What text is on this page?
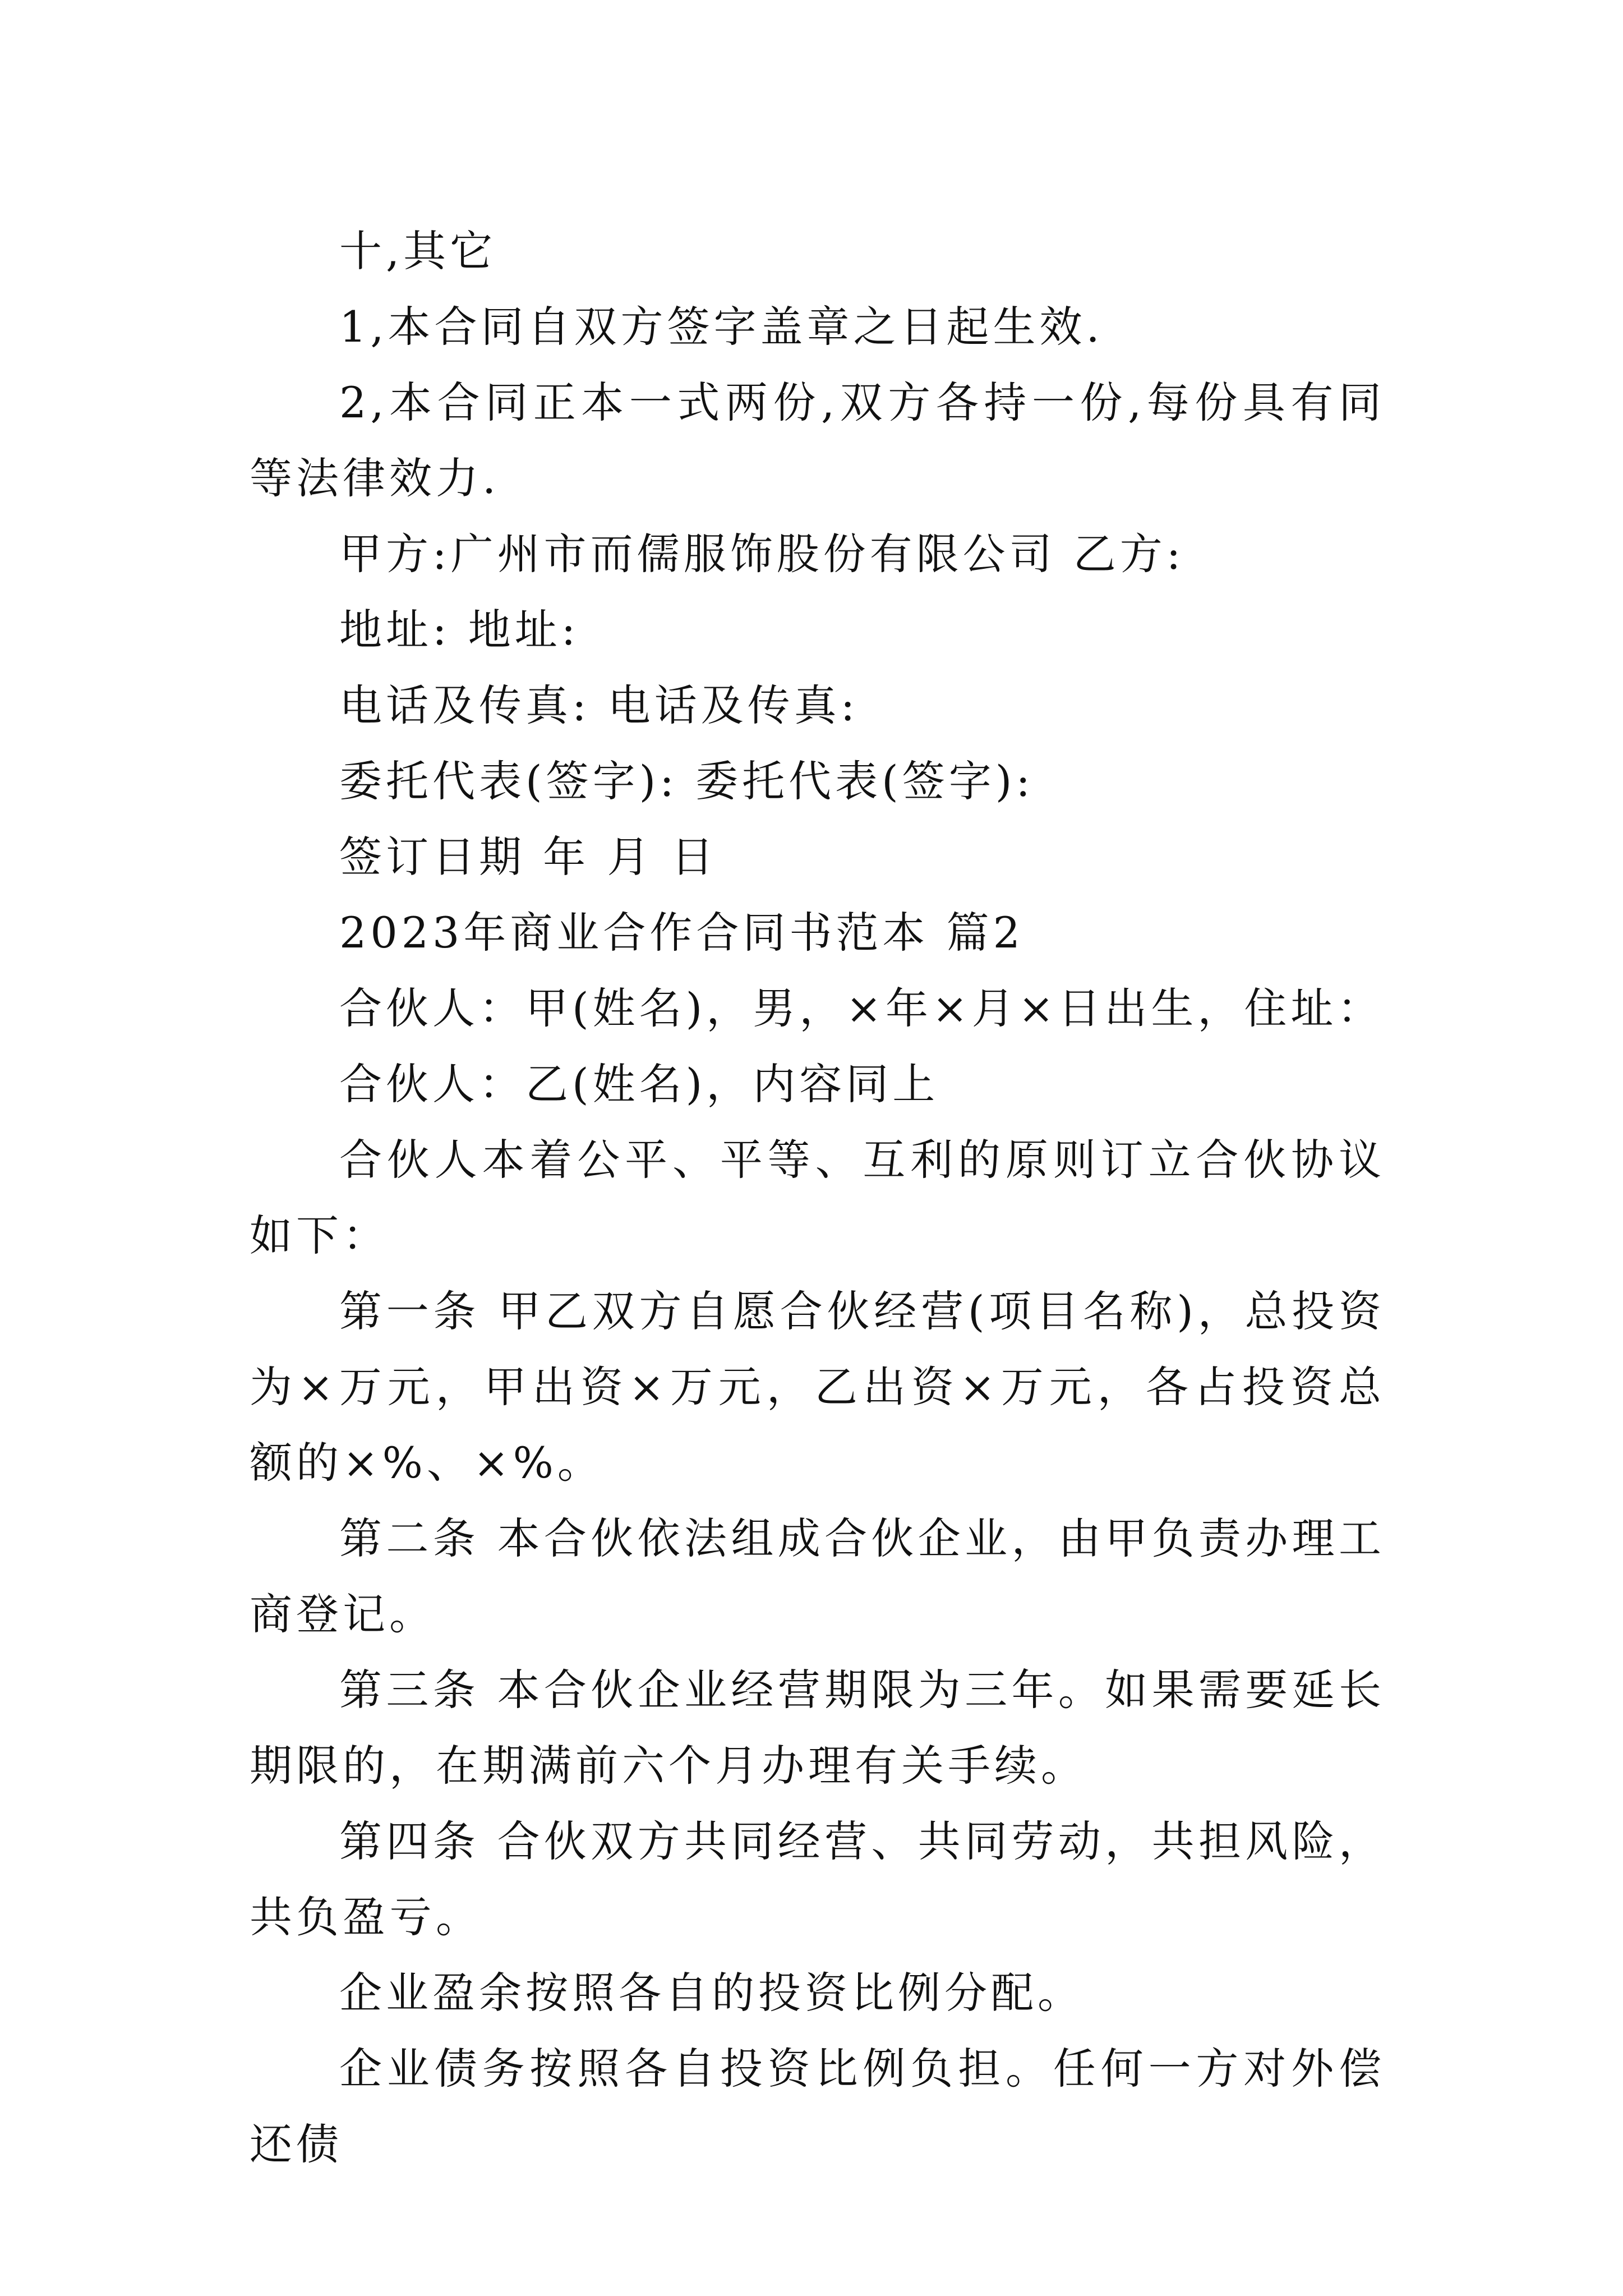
十,其它

1,本合同自双方签字盖章之日起生效.

2,本合同正本一式两份,双方各持一份,每份具有同等法律效力.

甲方:广州市而儒服饰股份有限公司 乙方:

地址: 地址:

电话及传真: 电话及传真:

委托代表(签字): 委托代表(签字):

签订日期 年 月 日

2023年商业合作合同书范本 篇2

合伙人：甲(姓名)，男，×年×月×日出生，住址：

合伙人：乙(姓名)，内容同上

合伙人本着公平、平等、互利的原则订立合伙协议如下：

第一条 甲乙双方自愿合伙经营(项目名称)，总投资为×万元，甲出资×万元，乙出资×万元，各占投资总额的×%、×%。

第二条 本合伙依法组成合伙企业，由甲负责办理工商登记。

第三条 本合伙企业经营期限为三年。如果需要延长期限的，在期满前六个月办理有关手续。

第四条 合伙双方共同经营、共同劳动，共担风险，共负盈亏。

企业盈余按照各自的投资比例分配。

企业债务按照各自投资比例负担。任何一方对外偿还债
